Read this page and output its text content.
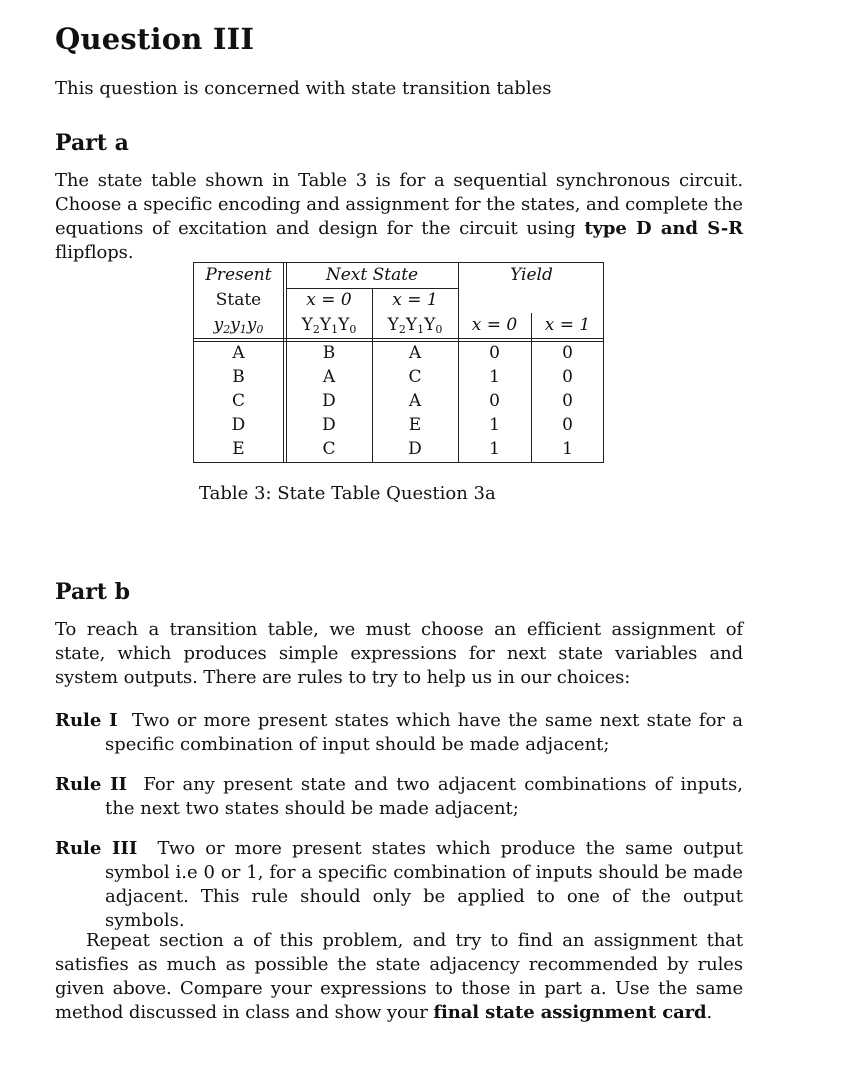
Question III

This question is concerned with state transition tables

Part a

The state table shown in Table 3 is for a sequential synchronous circuit. Choose a specific encoding and assignment for the states, and complete the equations of excitation and design for the circuit using type D and S-R flipflops.

Part b

To reach a transition table, we must choose an efficient assignment of state, which produces simple expressions for next state variables and system outputs. There are rules to try to help us in our choices:

Rule I Two or more present states which have the same next state for a specific combination of input should be made adjacent;

Rule II For any present state and two adjacent combinations of inputs, the next two states should be made adjacent;

Rule III Two or more present states which produce the same output symbol i.e 0 or 1, for a specific combination of inputs should be made adjacent. This rule should only be applied to one of the output symbols.

Repeat section a of this problem, and try to find an assignment that satisfies as much as possible the state adjacency recommended by rules given above. Compare your expressions to those in part a. Use the same method discussed in class and show your final state assignment card.

Present
State
$y_2y_1y_0$
Next State
x = 0	x = 1
$Y_2Y_1Y_0$	$Y_2Y_1Y_0$
Yield
x = 0	x = 1
A	B	A	0	0
B	A	C	1	0
C	D	A	0	0
D	D	E	1	0
E	C	D	1	1

Table 3: State Table Question 3a
